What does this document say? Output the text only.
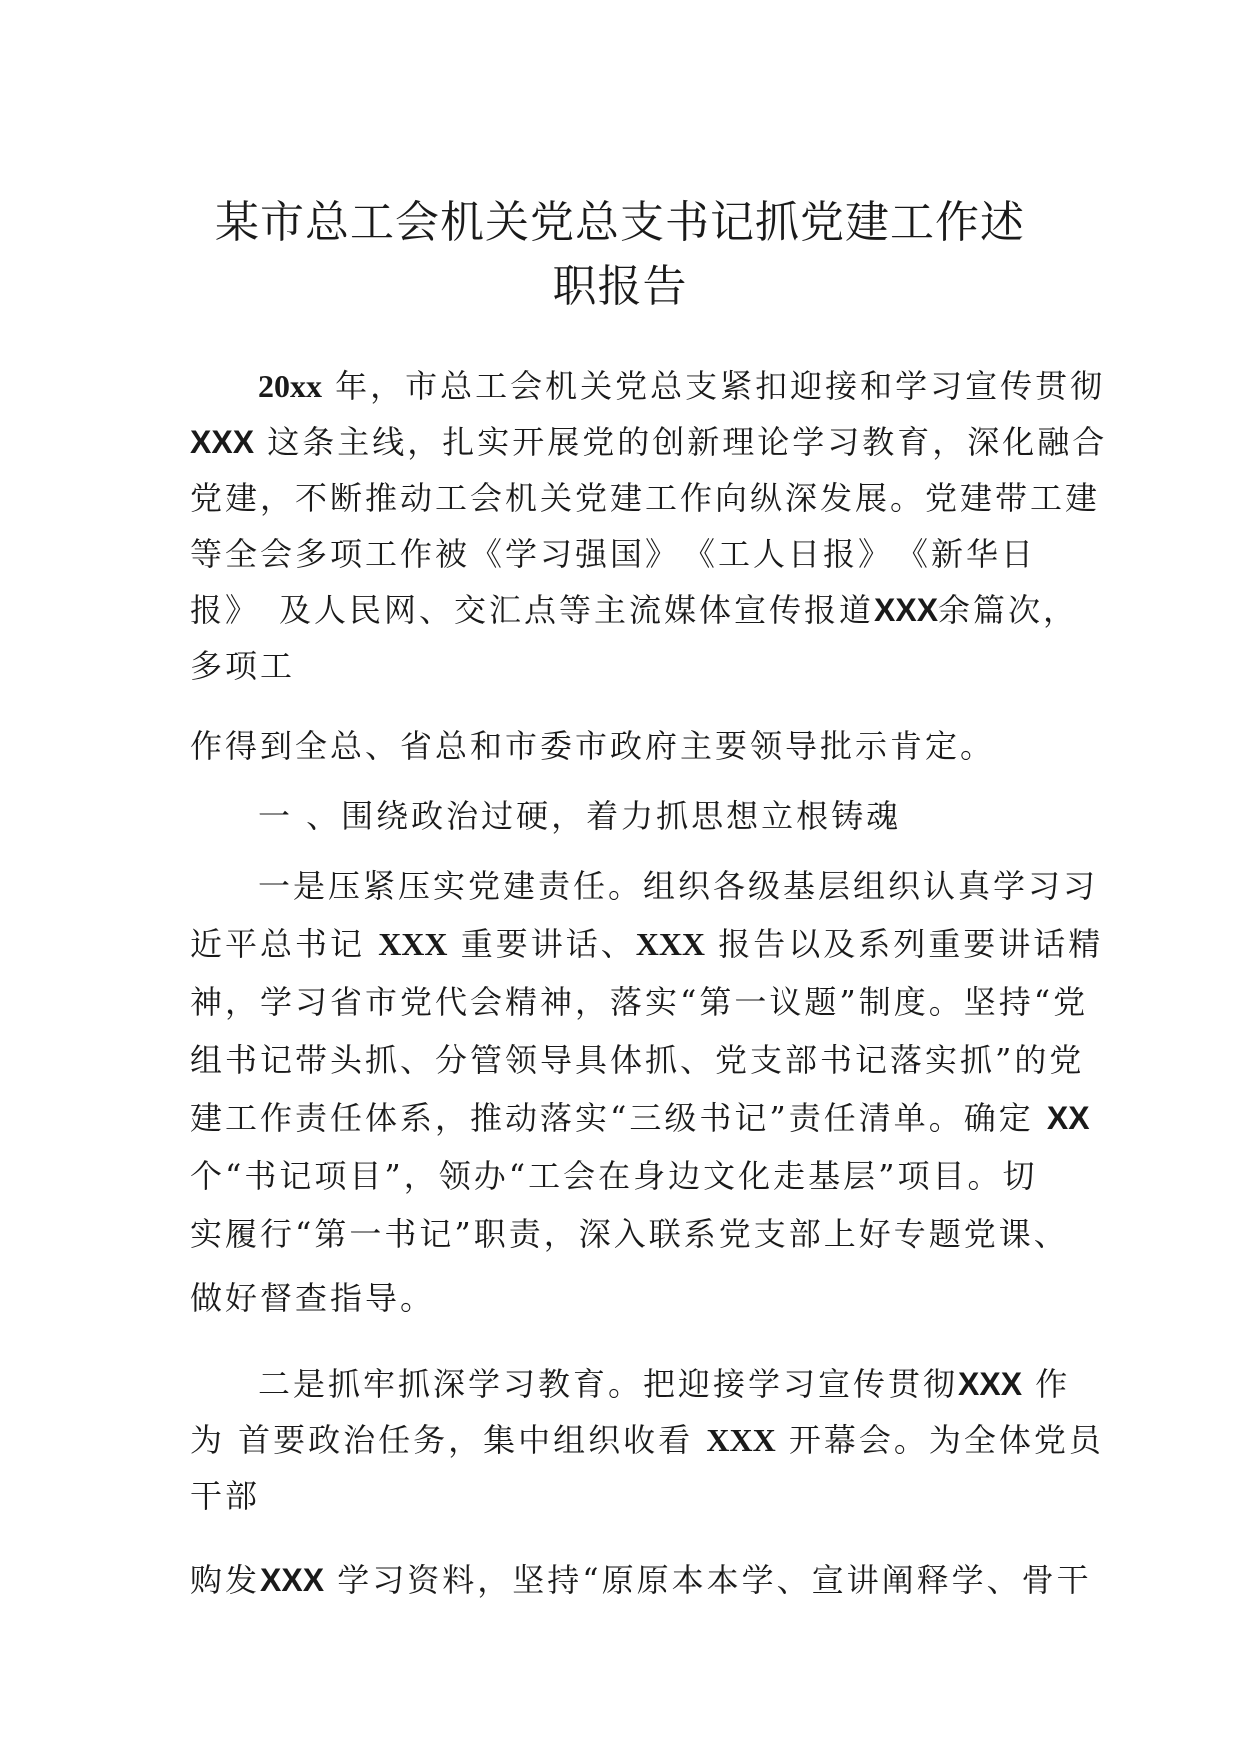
某市总工会机关党总支书记抓党建工作述
职报告
20xx 年，市总工会机关党总支紧扣迎接和学习宣传贯彻
XXX 这条主线，扎实开展党的创新理论学习教育，深化融合
党建，不断推动工会机关党建工作向纵深发展。党建带工建
等全会多项工作被《学习强国》　《工人日报》　《新华日
报》　及人民网、交汇点等主流媒体宣传报道XXX余篇次，
多项工
作得到全总、省总和市委市政府主要领导批示肯定。
一 、围绕政治过硬，着力抓思想立根铸魂
一是压紧压实党建责任。组织各级基层组织认真学习习
近平总书记 XXX 重要讲话、XXX 报告以及系列重要讲话精
神，学习省市党代会精神，落实“第一议题”制度。坚持“党
组书记带头抓、分管领导具体抓、党支部书记落实抓”的党
建工作责任体系，推动落实“三级书记”责任清单。确定 XX
个“书记项目”，领办“工会在身边文化走基层”项目。切
实履行“第一书记”职责，深入联系党支部上好专题党课、
做好督查指导。
二是抓牢抓深学习教育。把迎接学习宣传贯彻XXX 作
为 首要政治任务，集中组织收看 XXX 开幕会。为全体党员
干部
购发XXX 学习资料，坚持“原原本本学、宣讲阐释学、骨干
